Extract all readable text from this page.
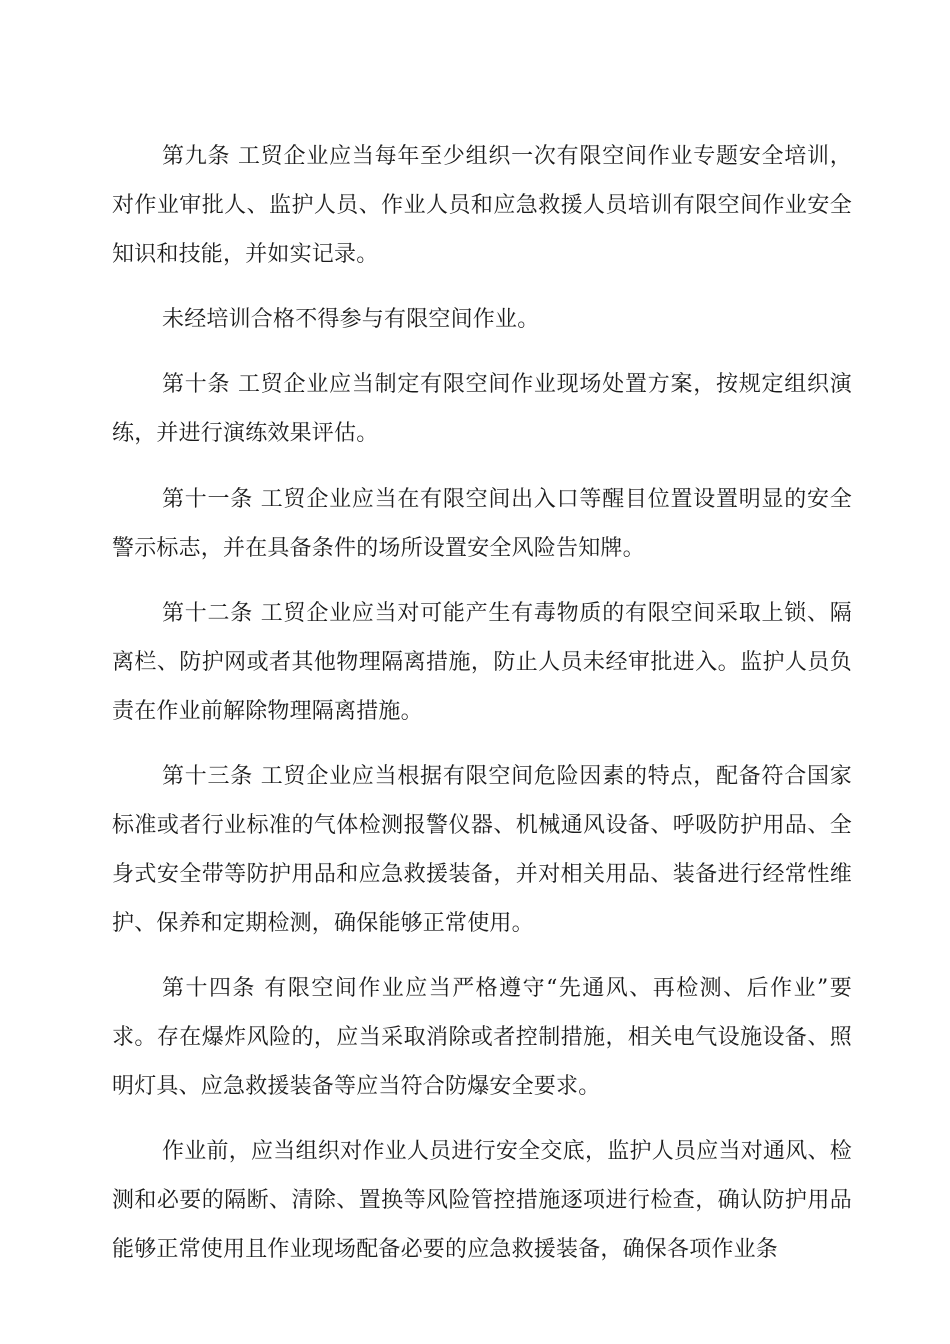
第九条 工贸企业应当每年至少组织一次有限空间作业专题安全培训，对作业审批人、监护人员、作业人员和应急救援人员培训有限空间作业安全知识和技能，并如实记录。

未经培训合格不得参与有限空间作业。

第十条 工贸企业应当制定有限空间作业现场处置方案，按规定组织演练，并进行演练效果评估。

第十一条 工贸企业应当在有限空间出入口等醒目位置设置明显的安全警示标志，并在具备条件的场所设置安全风险告知牌。

第十二条 工贸企业应当对可能产生有毒物质的有限空间采取上锁、隔离栏、防护网或者其他物理隔离措施，防止人员未经审批进入。监护人员负责在作业前解除物理隔离措施。

第十三条 工贸企业应当根据有限空间危险因素的特点，配备符合国家标准或者行业标准的气体检测报警仪器、机械通风设备、呼吸防护用品、全身式安全带等防护用品和应急救援装备，并对相关用品、装备进行经常性维护、保养和定期检测，确保能够正常使用。

第十四条 有限空间作业应当严格遵守“先通风、再检测、后作业”要求。存在爆炸风险的，应当采取消除或者控制措施，相关电气设施设备、照明灯具、应急救援装备等应当符合防爆安全要求。

作业前，应当组织对作业人员进行安全交底，监护人员应当对通风、检测和必要的隔断、清除、置换等风险管控措施逐项进行检查，确认防护用品能够正常使用且作业现场配备必要的应急救援装备，确保各项作业条
